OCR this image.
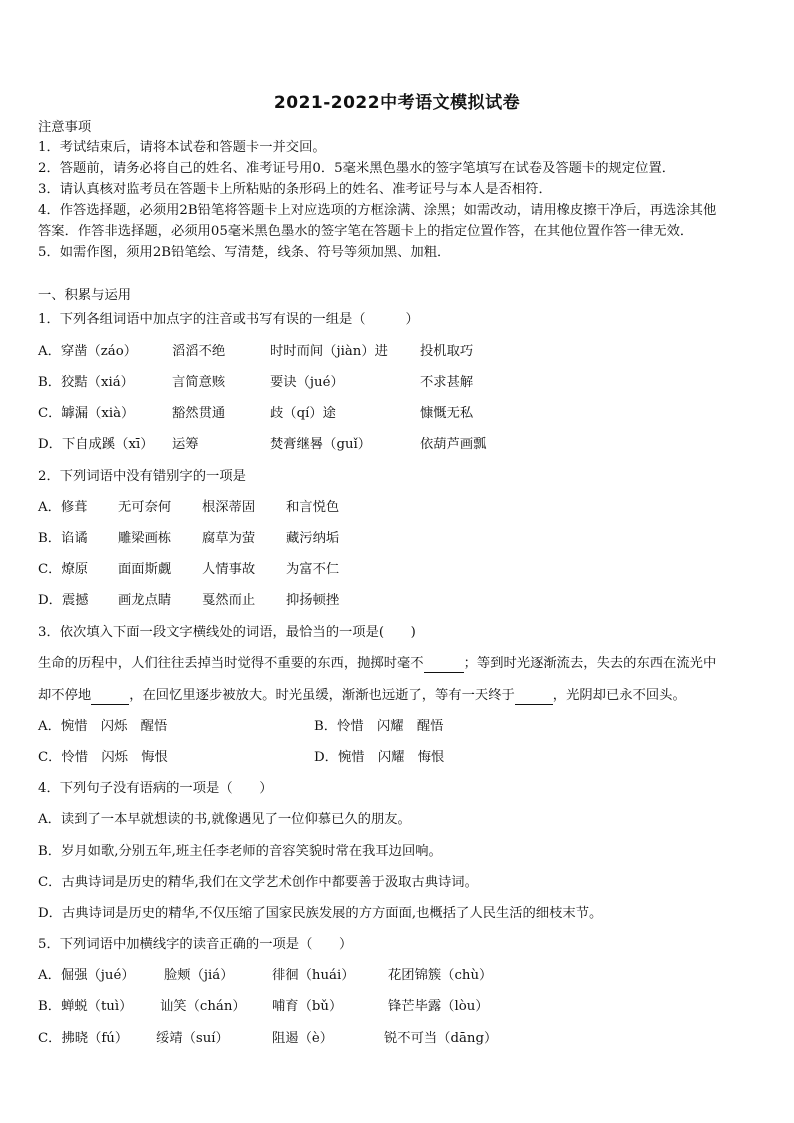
2021-2022中考语文模拟试卷
注意事项
1．考试结束后，请将本试卷和答题卡一并交回。
2．答题前，请务必将自己的姓名、准考证号用0．5毫米黑色墨水的签字笔填写在试卷及答题卡的规定位置．
3．请认真核对监考员在答题卡上所粘贴的条形码上的姓名、准考证号与本人是否相符．
4．作答选择题，必须用2B铅笔将答题卡上对应选项的方框涂满、涂黑；如需改动，请用橡皮擦干净后，再选涂其他
答案．作答非选择题，必须用05毫米黑色墨水的签字笔在答题卡上的指定位置作答，在其他位置作答一律无效．
5．如需作图，须用2B铅笔绘、写清楚，线条、符号等须加黑、加粗．
一、积累与运用
1．下列各组词语中加点字的注音或书写有误的一组是（　　　）
A．穿凿（záo）	滔滔不绝	时时而间（jiàn）进 投机取巧
B．狡黠（xiá）	言简意赅	要诀（jué）	不求甚解
C．罅漏（xià）	豁然贯通	歧（qí）途	慷慨无私
D．下自成蹊（xī） 运筹	焚膏继晷（guǐ）	依葫芦画瓢
2．下列词语中没有错别字的一项是
A．修葺 无可奈何 根深蒂固 和言悦色
B．谄谲 雕梁画栋 腐草为萤 藏污纳垢
C．燎原 面面斯觑 人情事故 为富不仁
D．震撼 画龙点睛 戛然而止 抑扬顿挫
3．依次填入下面一段文字横线处的词语，最恰当的一项是(　　)
生命的历程中，人们往往丢掉当时觉得不重要的东西，抛掷时毫不	；等到时光逐渐流去，失去的东西在流光中
却不停地	，在回忆里逐步被放大。时光虽缓，渐渐也远逝了，等有一天终于	，光阴却已永不回头。
A．惋惜　闪烁　醒悟	B．怜惜　闪耀　醒悟
C．怜惜　闪烁　悔恨	D．惋惜　闪耀　悔恨
4．下列句子没有语病的一项是（　　）
A．读到了一本早就想读的书,就像遇见了一位仰慕已久的朋友。
B．岁月如歌,分别五年,班主任李老师的音容笑貌时常在我耳边回响。
C．古典诗词是历史的精华,我们在文学艺术创作中都要善于汲取古典诗词。
D．古典诗词是历史的精华,不仅压缩了国家民族发展的方方面面,也概括了人民生活的细枝末节。
5．下列词语中加横线字的读音正确的一项是（　　）
A．倔强（jué） 脸颊（jiá）	徘徊（huái）	花团锦簇（chù）
B．蝉蜕（tuì） 讪笑（chán） 哺育（bǔ）	锋芒毕露（lòu）
C．拂晓（fú） 绥靖（suí）	阻遏（è）	锐不可当（dāng）
